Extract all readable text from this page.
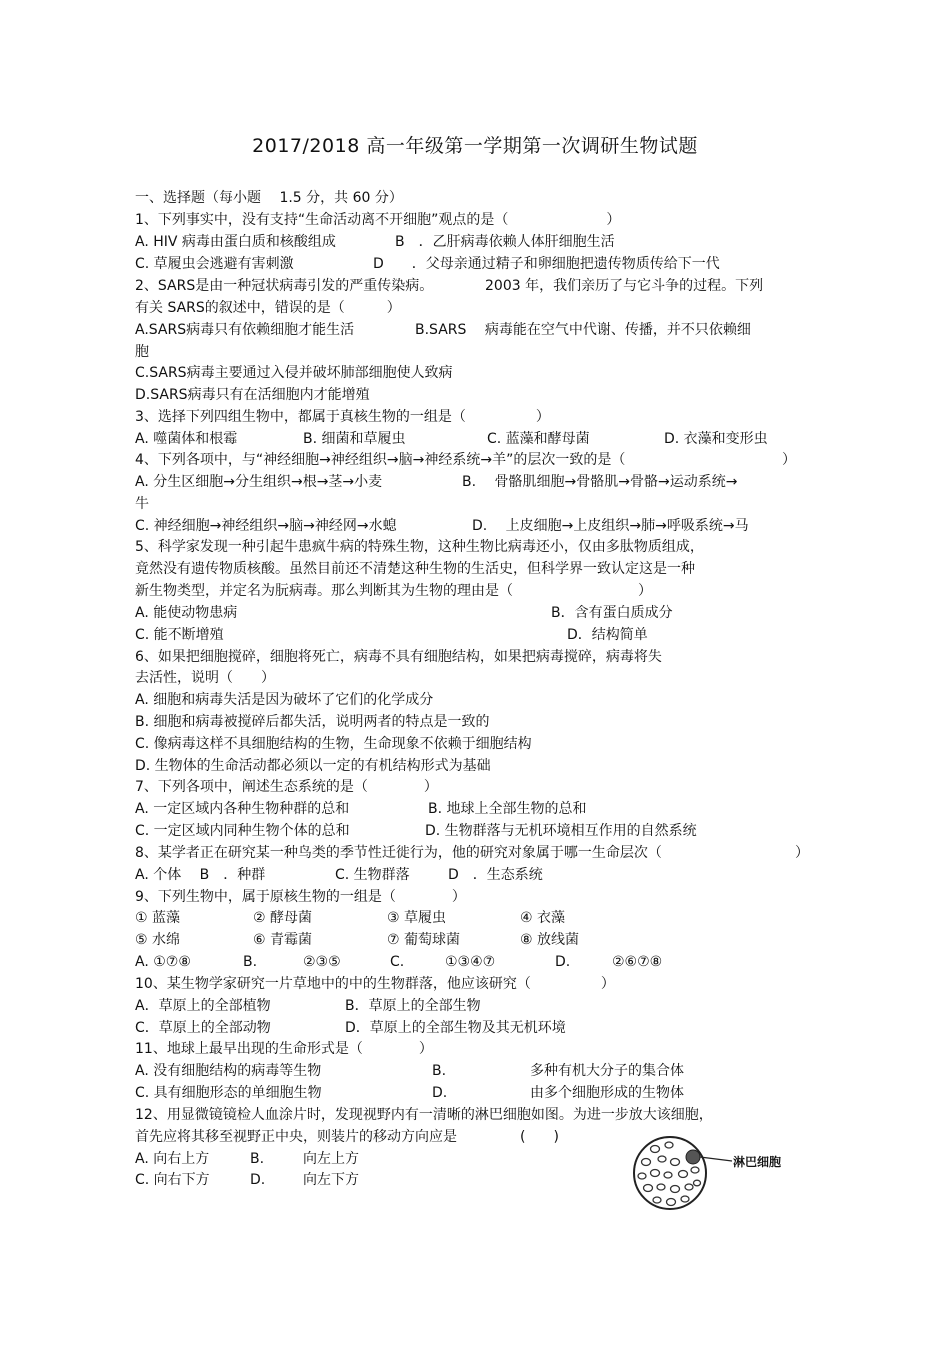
2017/2018 高一年级第一学期第一次调研生物试题
一、选择题（每小题　 1.5 分，共 60 分）
1、下列事实中，没有支持“生命活动离不开细胞”观点的是（　　　　　　　）
A. HIV 病毒由蛋白质和核酸组成	B　．乙肝病毒依赖人体肝细胞生活
C. 草履虫会逃避有害刺激	D　　．父母亲通过精子和卵细胞把遗传物质传给下一代
2、SARS是由一种冠状病毒引发的严重传染病。	2003 年，我们亲历了与它斗争的过程。下列
有关 SARS的叙述中，错误的是（　　　）
A.SARS病毒只有依赖细胞才能生活	B.SARS　 病毒能在空气中代谢、传播，并不只依赖细
胞
C.SARS病毒主要通过入侵并破坏肺部细胞使人致病
D.SARS病毒只有在活细胞内才能增殖
3、选择下列四组生物中，都属于真核生物的一组是（　　　　　）
A. 噬菌体和根霉	B. 细菌和草履虫	C. 蓝藻和酵母菌	D. 衣藻和变形虫
4、下列各项中，与“神经细胞→神经组织→脑→神经系统→羊”的层次一致的是（	）
A. 分生区细胞→分生组织→根→茎→小麦	B.　 骨骼肌细胞→骨骼肌→骨骼→运动系统→
牛
C. 神经细胞→神经组织→脑→神经网→水螅	D.　 上皮细胞→上皮组织→肺→呼吸系统→马
5、科学家发现一种引起牛患疯牛病的特殊生物，这种生物比病毒还小，仅由多肽物质组成，
竟然没有遗传物质核酸。虽然目前还不清楚这种生物的生活史，但科学界一致认定这是一种
新生物类型，并定名为朊病毒。那么判断其为生物的理由是（	）
A. 能使动物患病	B．含有蛋白质成分
C. 能不断增殖	D．结构简单
6、如果把细胞搅碎，细胞将死亡，病毒不具有细胞结构，如果把病毒搅碎，病毒将失
去活性，说明（　　）
A. 细胞和病毒失活是因为破坏了它们的化学成分
B. 细胞和病毒被搅碎后都失活，说明两者的特点是一致的
C. 像病毒这样不具细胞结构的生物，生命现象不依赖于细胞结构
D. 生物体的生命活动都必须以一定的有机结构形式为基础
7、下列各项中，阐述生态系统的是（　　　　）
A. 一定区域内各种生物种群的总和	B. 地球上全部生物的总和
C. 一定区域内同种生物个体的总和	D. 生物群落与无机环境相互作用的自然系统
8、某学者正在研究某一种鸟类的季节性迁徙行为，他的研究对象属于哪一生命层次（	）
A. 个体　 B　．种群	C. 生物群落	D　．生态系统
9、下列生物中，属于原核生物的一组是（　　　　）
① 蓝藻	② 酵母菌	③ 草履虫	④ 衣藻
⑤ 水绵	⑥ 青霉菌	⑦ 葡萄球菌	⑧ 放线菌
A. ①⑦⑧	B.	②③⑤	C.	①③④⑦	D.	②⑥⑦⑧
10、某生物学家研究一片草地中的中的生物群落，他应该研究（　　　　　）
A．草原上的全部植物	B．草原上的全部生物
C．草原上的全部动物	D．草原上的全部生物及其无机环境
11、地球上最早出现的生命形式是（　　　　）
A. 没有细胞结构的病毒等生物	B.	多种有机大分子的集合体
C. 具有细胞形态的单细胞生物	D.	由多个细胞形成的生物体
12、用显微镜镜检人血涂片时，发现视野内有一清晰的淋巴细胞如图。为进一步放大该细胞，
首先应将其移至视野正中央，则装片的移动方向应是	(　　)
A. 向右上方	B.	向左上方
C. 向右下方	D.	向左下方
淋巴细胞
